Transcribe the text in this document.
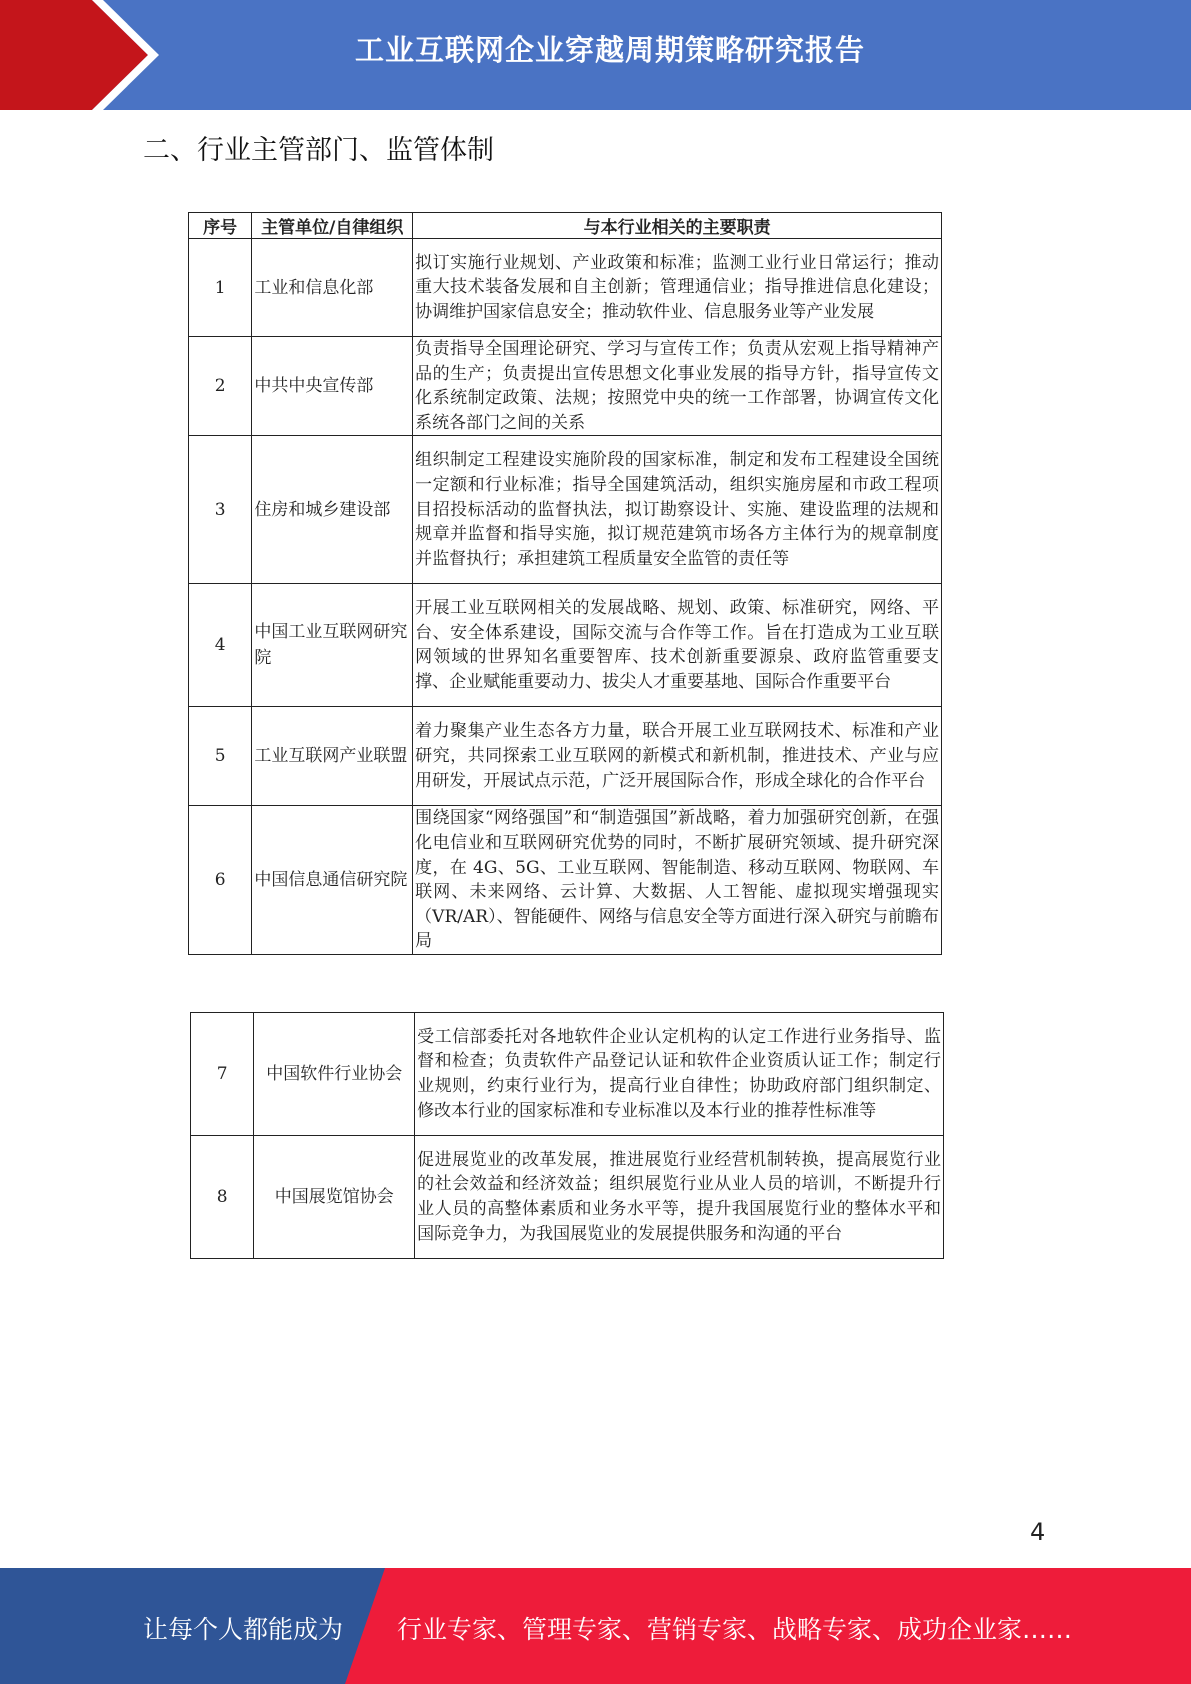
工业互联网企业穿越周期策略研究报告
二、行业主管部门、监管体制
序号	主管单位/自律组织	与本行业相关的主要职责
1	工业和信息化部	拟订实施行业规划、产业政策和标准；监测工业行业日常运行；推动重大技术装备发展和自主创新；管理通信业；指导推进信息化建设；协调维护国家信息安全；推动软件业、信息服务业等产业发展
2	中共中央宣传部	负责指导全国理论研究、学习与宣传工作；负责从宏观上指导精神产品的生产；负责提出宣传思想文化事业发展的指导方针，指导宣传文化系统制定政策、法规；按照党中央的统一工作部署，协调宣传文化系统各部门之间的关系
3	住房和城乡建设部	组织制定工程建设实施阶段的国家标准，制定和发布工程建设全国统一定额和行业标准；指导全国建筑活动，组织实施房屋和市政工程项目招投标活动的监督执法，拟订勘察设计、实施、建设监理的法规和规章并监督和指导实施，拟订规范建筑市场各方主体行为的规章制度并监督执行；承担建筑工程质量安全监管的责任等
4	中国工业互联网研究院	开展工业互联网相关的发展战略、规划、政策、标准研究，网络、平台、安全体系建设，国际交流与合作等工作。旨在打造成为工业互联网领域的世界知名重要智库、技术创新重要源泉、政府监管重要支撑、企业赋能重要动力、拔尖人才重要基地、国际合作重要平台
5	工业互联网产业联盟	着力聚集产业生态各方力量，联合开展工业互联网技术、标准和产业研究，共同探索工业互联网的新模式和新机制，推进技术、产业与应用研发，开展试点示范，广泛开展国际合作，形成全球化的合作平台
6	中国信息通信研究院	围绕国家“网络强国”和“制造强国”新战略，着力加强研究创新，在强化电信业和互联网研究优势的同时，不断扩展研究领域、提升研究深度，在 4G、5G、工业互联网、智能制造、移动互联网、物联网、车联网、未来网络、云计算、大数据、人工智能、虚拟现实增强现实（VR/AR）、智能硬件、网络与信息安全等方面进行深入研究与前瞻布局
7	中国软件行业协会	受工信部委托对各地软件企业认定机构的认定工作进行业务指导、监督和检查；负责软件产品登记认证和软件企业资质认证工作；制定行业规则，约束行业行为，提高行业自律性；协助政府部门组织制定、修改本行业的国家标准和专业标准以及本行业的推荐性标准等
8	中国展览馆协会	促进展览业的改革发展，推进展览行业经营机制转换，提高展览行业的社会效益和经济效益；组织展览行业从业人员的培训，不断提升行业人员的高整体素质和业务水平等，提升我国展览行业的整体水平和国际竞争力，为我国展览业的发展提供服务和沟通的平台
4
让每个人都能成为 行业专家、管理专家、营销专家、战略专家、成功企业家……
